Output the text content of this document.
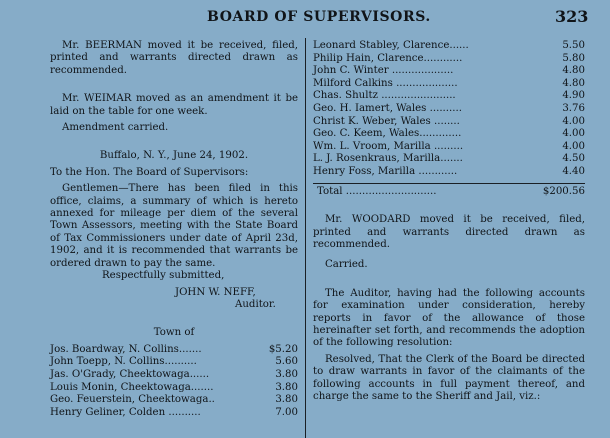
BOARD OF SUPERVISORS.	323

Mr. BEERMAN moved it be received, filed, printed and warrants directed drawn as recommended.

Mr. WEIMAR moved as an amendment it be laid on the table for one week.

Amendment carried.

Buffalo, N. Y., June 24, 1902.

To the Hon. The Board of Supervisors:

Gentlemen—There has been filed in this office, claims, a summary of which is hereto annexed for mileage per diem of the several Town Assessors, meeting with the State Board of Tax Commissioners under date of April 23d, 1902, and it is recommended that warrants be ordered drawn to pay the same.

Respectfully submitted,

JOHN W. NEFF,

Auditor.

Town of

Jos. Boardway, N. Collins.......	$5.20
John Toepp, N. Collins..........	5.60
Jas. O'Grady, Cheektowaga......	3.80
Louis Monin, Cheektowaga.......	3.80
Geo. Feuerstein, Cheektowaga..	3.80
Henry Geliner, Colden ..........	7.00
Leonard Stabley, Clarence......	5.50
Philip Hain, Clarence............	5.80
John C. Winter ...................	4.80
Milford Calkins ...................	4.80
Chas. Shultz .......................	4.90
Geo. H. Iamert, Wales ..........	3.76
Christ K. Weber, Wales ........	4.00
Geo. C. Keem, Wales.............	4.00
Wm. L. Vroom, Marilla .........	4.00
L. J. Rosenkraus, Marilla.......	4.50
Henry Foss, Marilla ............	4.40
Total ............................	$200.56

Mr. WOODARD moved it be received, filed, printed and warrants directed drawn as recommended.

Carried.

The Auditor, having had the following accounts for examination under consideration, hereby reports in favor of the allowance of those hereinafter set forth, and recommends the adoption of the following resolution:

Resolved, That the Clerk of the Board be directed to draw warrants in favor of the claimants of the following accounts in full payment thereof, and charge the same to the Sheriff and Jail, viz.:
